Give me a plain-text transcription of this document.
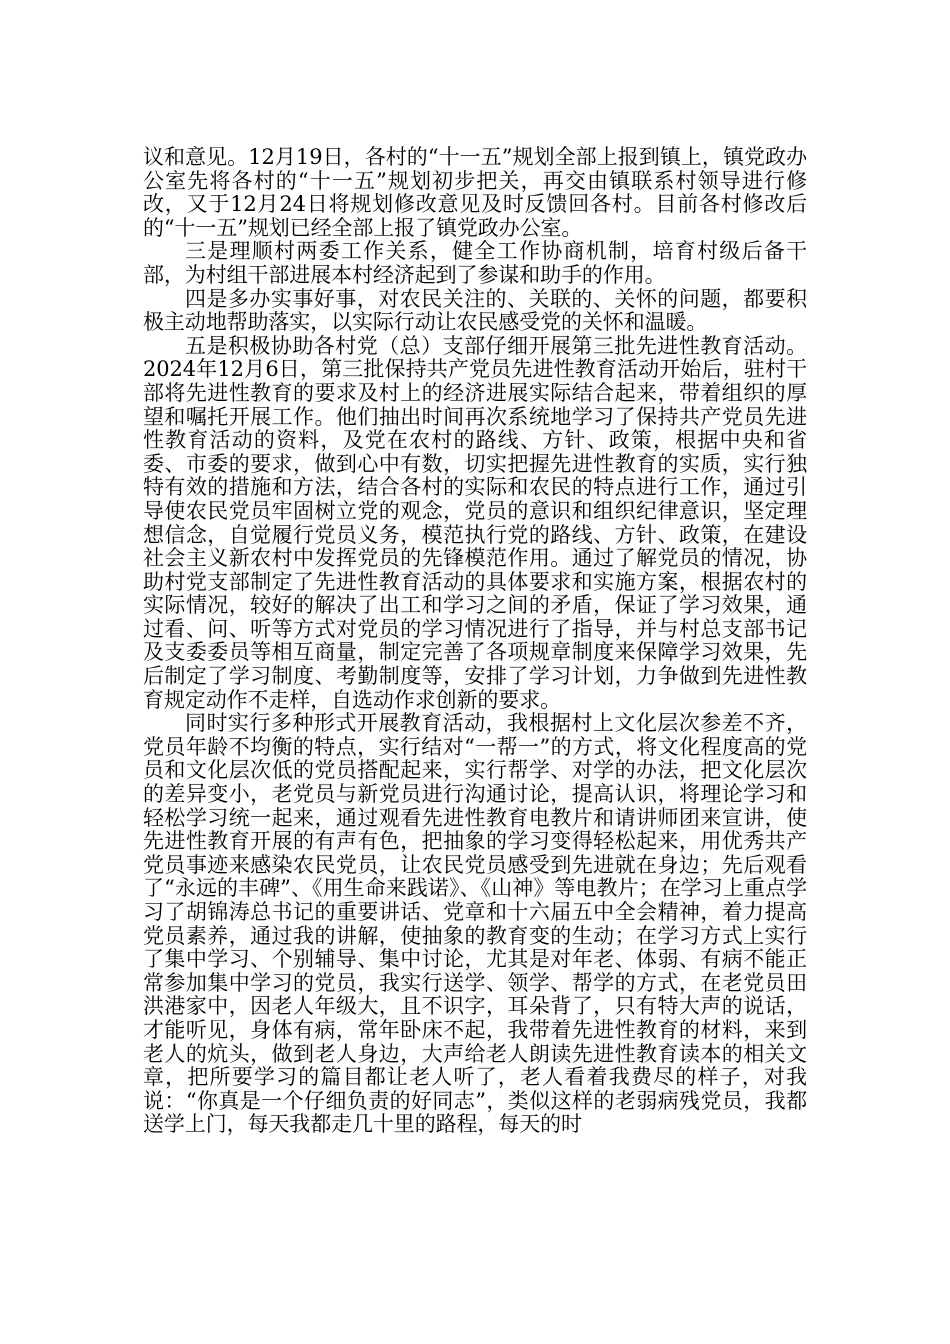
议和意见。12月19日，各村的“十一五”规划全部上报到镇上，镇党政办公室先将各村的“十一五”规划初步把关，再交由镇联系村领导进行修改，又于12月24日将规划修改意见及时反馈回各村。目前各村修改后的“十一五”规划已经全部上报了镇党政办公室。

三是理顺村两委工作关系，健全工作协商机制，培育村级后备干部，为村组干部进展本村经济起到了参谋和助手的作用。

四是多办实事好事，对农民关注的、关联的、关怀的问题，都要积极主动地帮助落实，以实际行动让农民感受党的关怀和温暖。

五是积极协助各村党（总）支部仔细开展第三批先进性教育活动。2024年12月6日，第三批保持共产党员先进性教育活动开始后，驻村干部将先进性教育的要求及村上的经济进展实际结合起来，带着组织的厚望和嘱托开展工作。他们抽出时间再次系统地学习了保持共产党员先进性教育活动的资料，及党在农村的路线、方针、政策，根据中央和省委、市委的要求，做到心中有数，切实把握先进性教育的实质，实行独特有效的措施和方法，结合各村的实际和农民的特点进行工作，通过引导使农民党员牢固树立党的观念，党员的意识和组织纪律意识，坚定理想信念，自觉履行党员义务，模范执行党的路线、方针、政策，在建设社会主义新农村中发挥党员的先锋模范作用。通过了解党员的情况，协助村党支部制定了先进性教育活动的具体要求和实施方案，根据农村的实际情况，较好的解决了出工和学习之间的矛盾，保证了学习效果，通过看、问、听等方式对党员的学习情况进行了指导，并与村总支部书记及支委委员等相互商量，制定完善了各项规章制度来保障学习效果，先后制定了学习制度、考勤制度等，安排了学习计划，力争做到先进性教育规定动作不走样，自选动作求创新的要求。

同时实行多种形式开展教育活动，我根据村上文化层次参差不齐，党员年龄不均衡的特点，实行结对“一帮一”的方式，将文化程度高的党员和文化层次低的党员搭配起来，实行帮学、对学的办法，把文化层次的差异变小，老党员与新党员进行沟通讨论，提高认识，将理论学习和轻松学习统一起来，通过观看先进性教育电教片和请讲师团来宣讲，使先进性教育开展的有声有色，把抽象的学习变得轻松起来，用优秀共产党员事迹来感染农民党员，让农民党员感受到先进就在身边；先后观看了“永远的丰碑”、《用生命来践诺》、《山神》等电教片；在学习上重点学习了胡锦涛总书记的重要讲话、党章和十六届五中全会精神，着力提高党员素养，通过我的讲解，使抽象的教育变的生动；在学习方式上实行了集中学习、个别辅导、集中讨论，尤其是对年老、体弱、有病不能正常参加集中学习的党员，我实行送学、领学、帮学的方式，在老党员田洪港家中，因老人年级大，且不识字，耳朵背了，只有特大声的说话，才能听见，身体有病，常年卧床不起，我带着先进性教育的材料，来到老人的炕头，做到老人身边，大声给老人朗读先进性教育读本的相关文章，把所要学习的篇目都让老人听了，老人看着我费尽的样子，对我说：“你真是一个仔细负责的好同志”，类似这样的老弱病残党员，我都送学上门，每天我都走几十里的路程，每天的时
